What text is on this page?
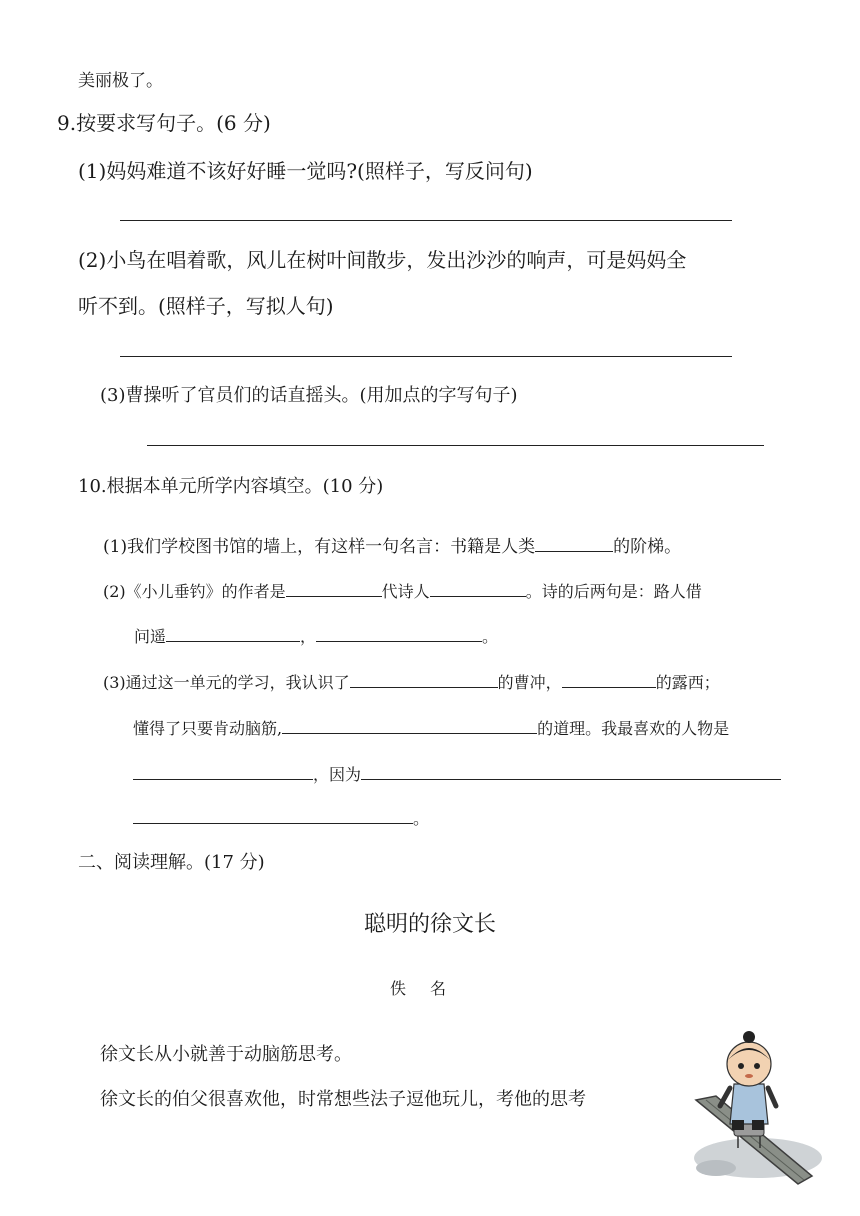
美丽极了。
9.按要求写句子。(6 分)
(1)妈妈难道不该好好睡一觉吗?(照样子，写反问句)
(2)小鸟在唱着歌，风儿在树叶间散步，发出沙沙的响声，可是妈妈全
听不到。(照样子，写拟人句)
(3)曹操听了官员们的话直摇头。(用加点的字写句子)
10.根据本单元所学内容填空。(10 分)
(1)我们学校图书馆的墙上，有这样一句名言：书籍是人类	的阶梯。
(2)《小儿垂钓》的作者是	代诗人	。诗的后两句是：路人借
问遥	，	。
(3)通过这一单元的学习，我认识了	的曹冲，	的露西；
懂得了只要肯动脑筋,	的道理。我最喜欢的人物是
，因为
。
二、阅读理解。(17 分)
聪明的徐文长
佚名
徐文长从小就善于动脑筋思考。
徐文长的伯父很喜欢他，时常想些法子逗他玩儿，考他的思考
